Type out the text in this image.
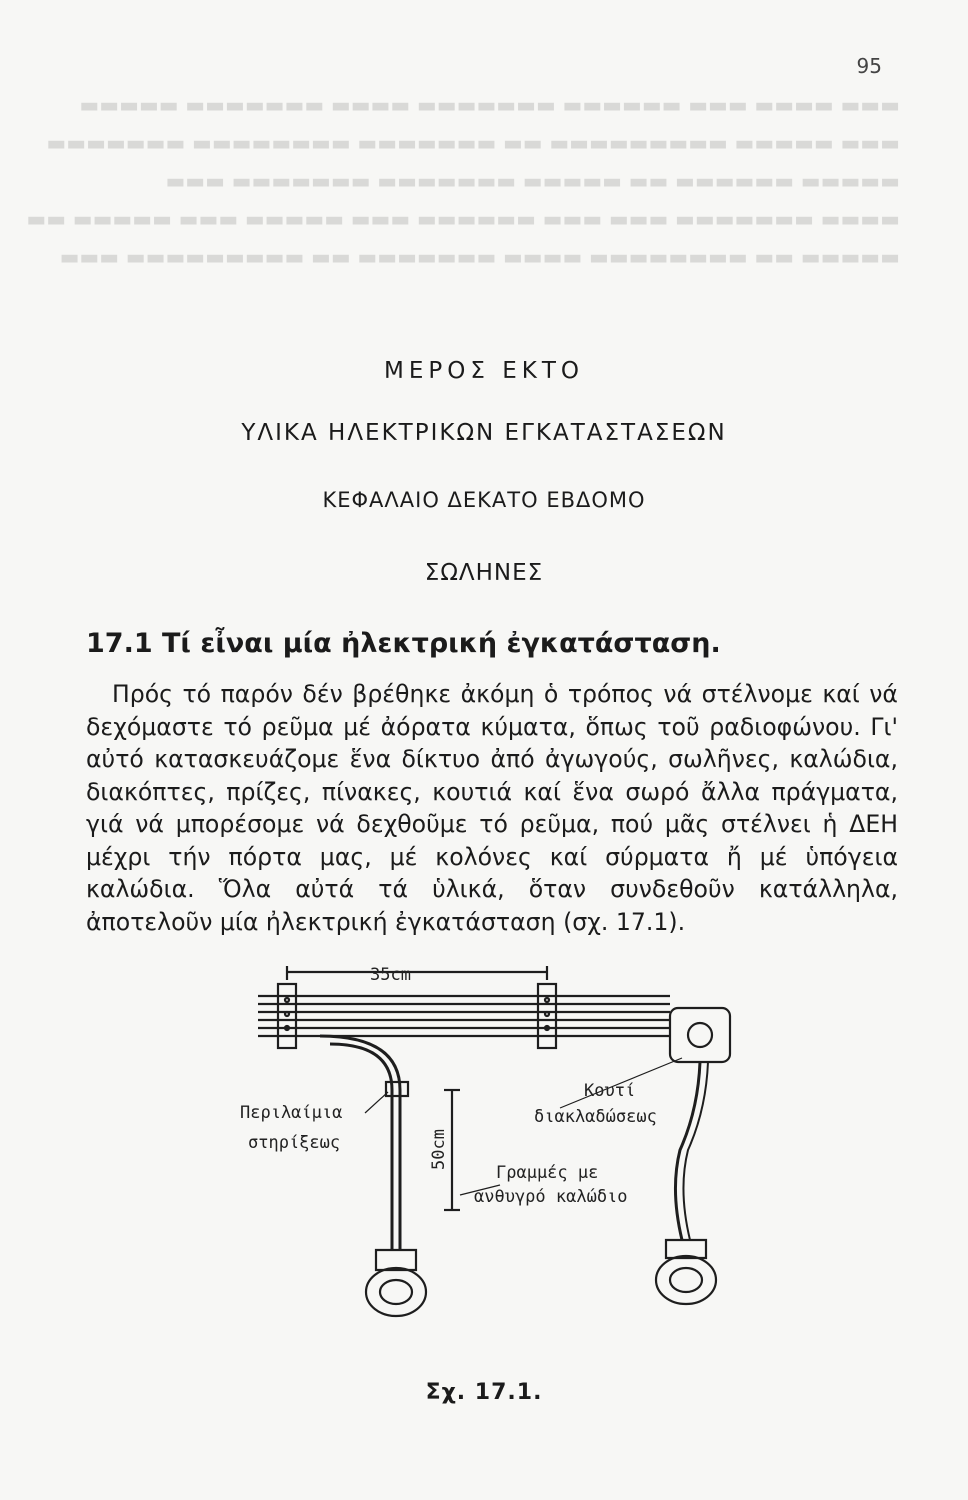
▬▬▬ ▬▬▬▬ ▬▬▬ ▬▬▬▬▬▬ ▬▬▬▬▬▬▬ ▬▬▬▬ ▬▬▬▬▬▬▬ ▬▬▬▬▬
▬▬▬ ▬▬▬▬▬ ▬▬▬▬▬▬▬▬▬ ▬▬ ▬▬▬▬▬▬▬ ▬▬▬▬▬▬▬▬ ▬▬▬▬▬▬▬
▬▬▬▬▬ ▬▬▬▬▬▬ ▬▬ ▬▬▬▬▬ ▬▬▬▬▬▬▬ ▬▬▬▬▬▬▬ ▬▬▬
▬▬▬▬ ▬▬▬▬▬▬▬ ▬▬▬ ▬▬▬ ▬▬▬▬▬▬ ▬▬▬ ▬▬▬▬▬ ▬▬▬ ▬▬▬▬▬ ▬▬
▬▬▬▬▬ ▬▬ ▬▬▬▬▬▬▬▬ ▬▬▬▬ ▬▬▬▬▬▬▬ ▬▬ ▬▬▬▬▬▬▬▬▬ ▬▬▬
95
ΜΕΡΟΣ ΕΚΤΟ
ΥΛΙΚΑ ΗΛΕΚΤΡΙΚΩΝ ΕΓΚΑΤΑΣΤΑΣΕΩΝ
ΚΕΦΑΛΑΙΟ ΔΕΚΑΤΟ ΕΒΔΟΜΟ
ΣΩΛΗΝΕΣ
17.1 Τί εἶναι μία ἠλεκτρική ἐγκατάσταση.

Πρός τό παρόν δέν βρέθηκε ἀκόμη ὁ τρόπος νά στέλνομε καί νά δεχόμαστε τό ρεῦμα μέ ἀόρατα κύματα, ὅπως τοῦ ραδιοφώνου. Γι' αὐτό κατασκευάζομε ἕνα δίκτυο ἀπό ἀγωγούς, σωλῆνες, καλώδια, διακόπτες, πρίζες, πίνακες, κουτιά καί ἕνα σωρό ἄλλα πράγματα, γιά νά μπορέσομε νά δεχθοῦμε τό ρεῦμα, πού μᾶς στέλνει ἡ ΔΕΗ μέχρι τήν πόρτα μας, μέ κολόνες καί σύρματα ἤ μέ ὑπόγεια καλώδια. Ὅλα αὐτά τά ὑλικά, ὅταν συνδεθοῦν κατάλληλα, ἀποτελοῦν μία ἠλεκτρική ἐγκατάσταση (σχ. 17.1).

35cm
50cm
Περιλαίμια
στηρίξεως
Κουτί
διακλαδώσεως
Γραμμές με
ανθυγρό καλώδιο
Σχ. 17.1.
